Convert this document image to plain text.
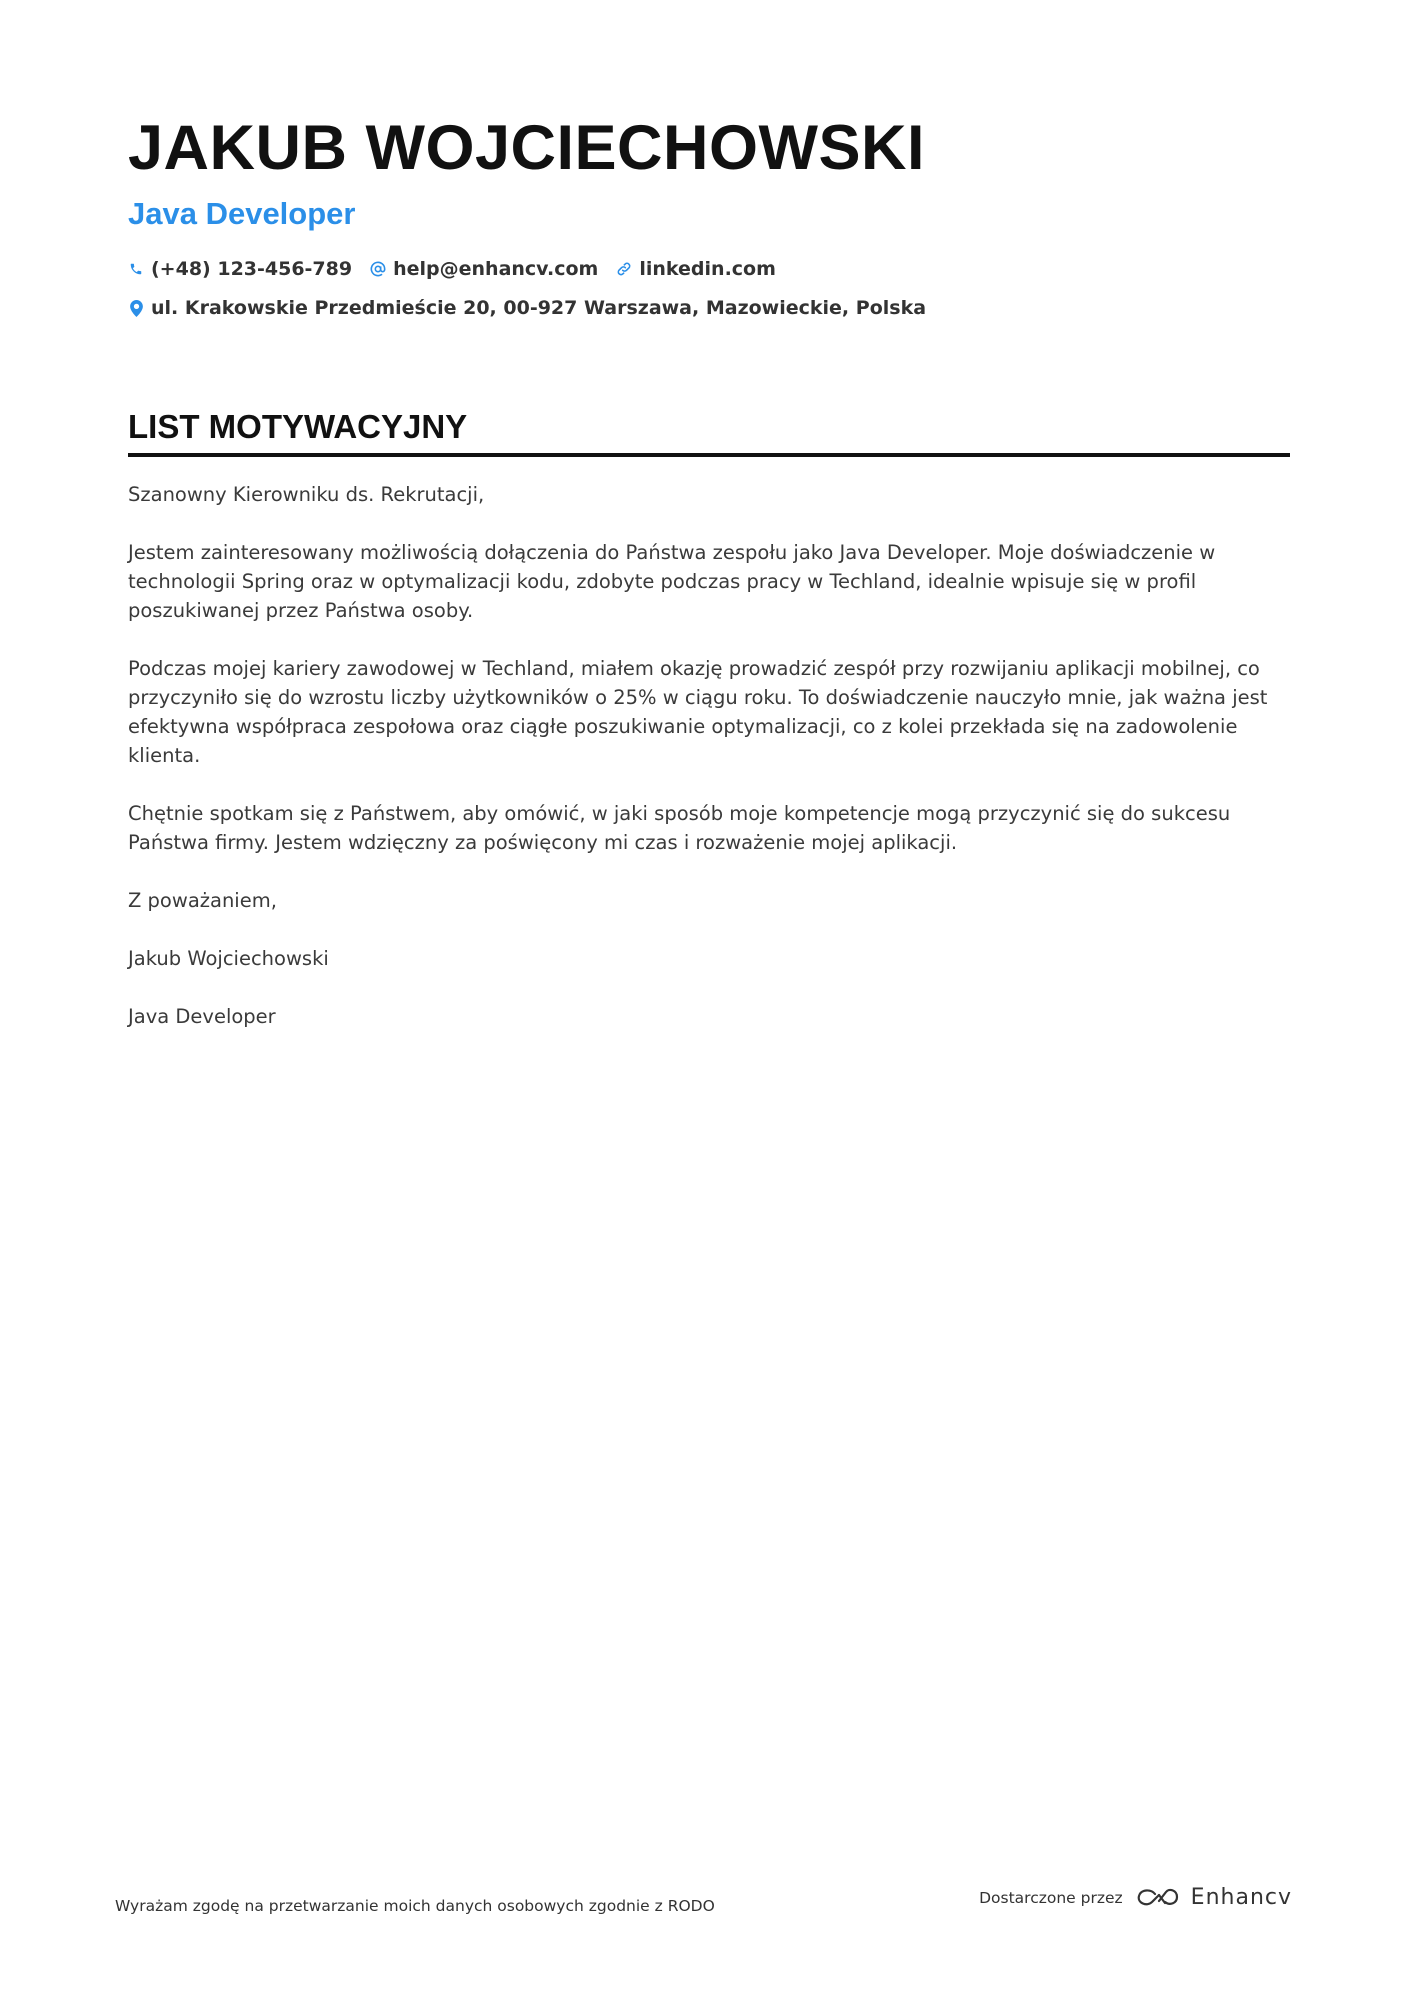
JAKUB WOJCIECHOWSKI
Java Developer
(+48) 123-456-789 help@enhancv.com linkedin.com
ul. Krakowskie Przedmieście 20, 00-927 Warszawa, Mazowieckie, Polska
LIST MOTYWACYJNY

Szanowny Kierowniku ds. Rekrutacji,

Jestem zainteresowany możliwością dołączenia do Państwa zespołu jako Java Developer. Moje doświadczenie w technologii Spring oraz w optymalizacji kodu, zdobyte podczas pracy w Techland, idealnie wpisuje się w profil poszukiwanej przez Państwa osoby.

Podczas mojej kariery zawodowej w Techland, miałem okazję prowadzić zespół przy rozwijaniu aplikacji mobilnej, co przyczyniło się do wzrostu liczby użytkowników o 25% w ciągu roku. To doświadczenie nauczyło mnie, jak ważna jest efektywna współpraca zespołowa oraz ciągłe poszukiwanie optymalizacji, co z kolei przekłada się na zadowolenie klienta.

Chętnie spotkam się z Państwem, aby omówić, w jaki sposób moje kompetencje mogą przyczynić się do sukcesu Państwa firmy. Jestem wdzięczny za poświęcony mi czas i rozważenie mojej aplikacji.

Z poważaniem,

Jakub Wojciechowski

Java Developer

Wyrażam zgodę na przetwarzanie moich danych osobowych zgodnie z RODO	Dostarczone przez	Enhancv
